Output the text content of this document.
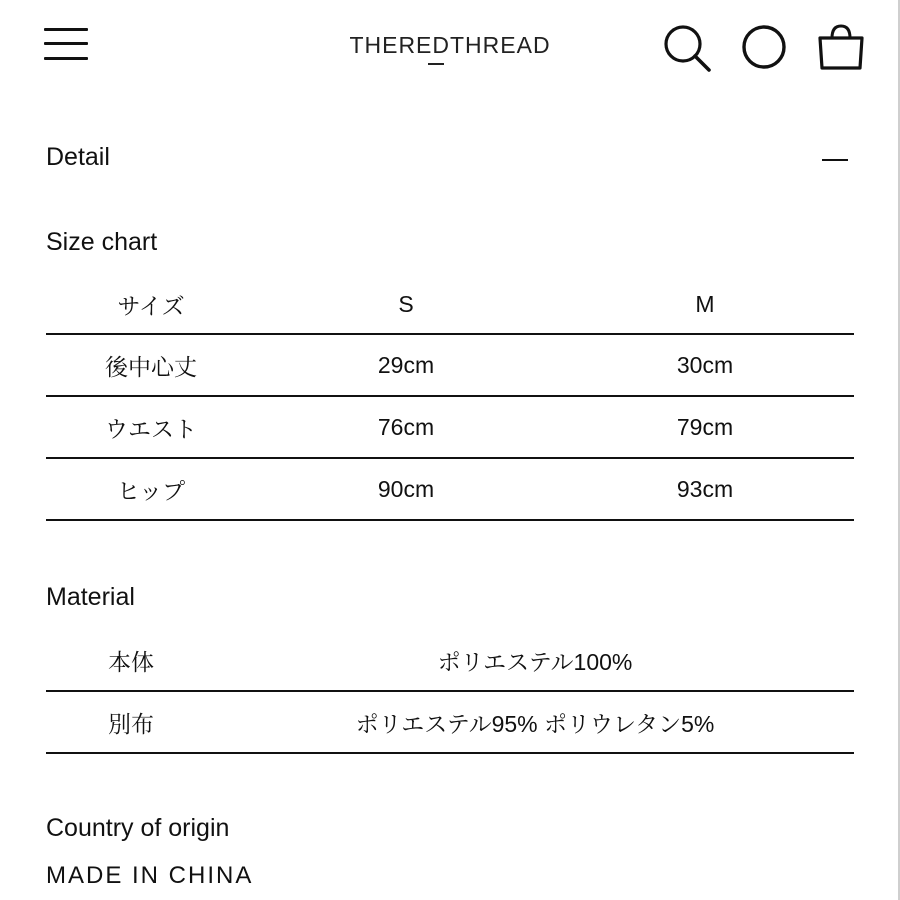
THEREDTHREAD
Detail
Size chart
サイズ	S	M
後中心丈	29cm	30cm
ウエスト	76cm	79cm
ヒップ	90cm	93cm
Material
本体	ポリエステル100%
別布	ポリエステル95% ポリウレタン5%
Country of origin
MADE IN CHINA
